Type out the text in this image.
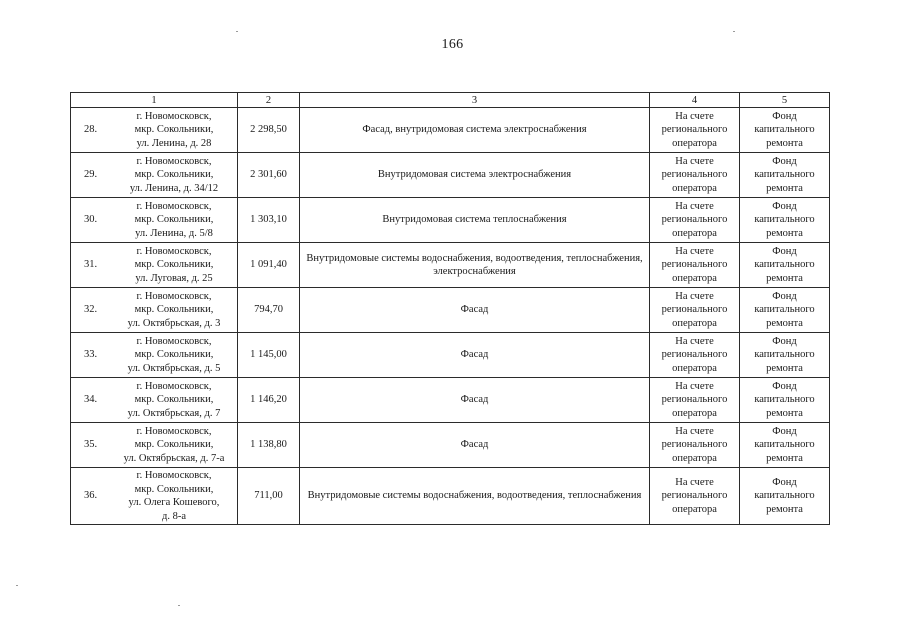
166
1	2	3	4	5

28.
г. Новомосковск,
мкр. Сокольники,
ул. Ленина, д. 28	2 298,50	Фасад, внутридомовая система электроснабжения	На счете
регионального
оператора	Фонд
капитального
ремонта

29.
г. Новомосковск,
мкр. Сокольники,
ул. Ленина, д. 34/12	2 301,60	Внутридомовая система электроснабжения	На счете
регионального
оператора	Фонд
капитального
ремонта

30.
г. Новомосковск,
мкр. Сокольники,
ул. Ленина, д. 5/8	1 303,10	Внутридомовая система теплоснабжения	На счете
регионального
оператора	Фонд
капитального
ремонта

31.
г. Новомосковск,
мкр. Сокольники,
ул. Луговая, д. 25	1 091,40	Внутридомовые системы водоснабжения, водоотведения, теплоснабжения, электроснабжения	На счете
регионального
оператора	Фонд
капитального
ремонта

32.
г. Новомосковск,
мкр. Сокольники,
ул. Октябрьская, д. 3	794,70	Фасад	На счете
регионального
оператора	Фонд
капитального
ремонта

33.
г. Новомосковск,
мкр. Сокольники,
ул. Октябрьская, д. 5	1 145,00	Фасад	На счете
регионального
оператора	Фонд
капитального
ремонта

34.
г. Новомосковск,
мкр. Сокольники,
ул. Октябрьская, д. 7	1 146,20	Фасад	На счете
регионального
оператора	Фонд
капитального
ремонта

35.
г. Новомосковск,
мкр. Сокольники,
ул. Октябрьская, д. 7-а	1 138,80	Фасад	На счете
регионального
оператора	Фонд
капитального
ремонта

36.
г. Новомосковск,
мкр. Сокольники,
ул. Олега Кошевого,
д. 8-а	711,00	Внутридомовые системы водоснабжения, водоотведения, теплоснабжения	На счете
регионального
оператора	Фонд
капитального
ремонта
